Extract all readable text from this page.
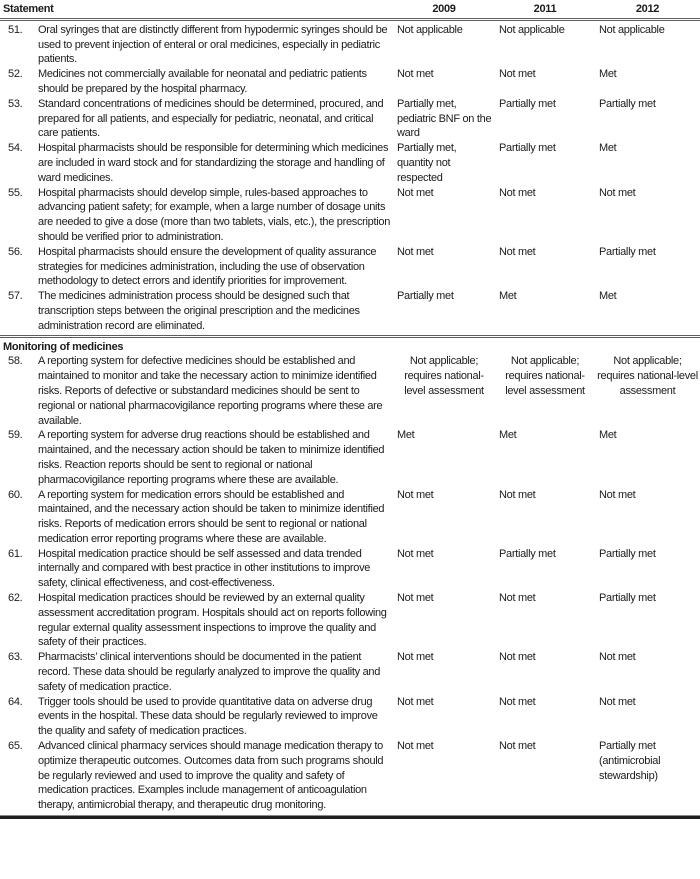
Statement	2009	2011	2012
51.	Oral syringes that are distinctly different from hypodermic syringes should be used to prevent injection of enteral or oral medicines, especially in pediatric patients.
Not applicable	Not applicable	Not applicable
52.	Medicines not commercially available for neonatal and pediatric patients should be prepared by the hospital pharmacy.
Not met	Not met	Met
53.	Standard concentrations of medicines should be determined, procured, and prepared for all patients, and especially for pediatric, neonatal, and critical care patients.
Partially met, pediatric BNF on the ward
Partially met	Partially met
54.	Hospital pharmacists should be responsible for determining which medicines are included in ward stock and for standardizing the storage and handling of ward medicines.
Partially met, quantity not respected
Partially met	Met
55.	Hospital pharmacists should develop simple, rules-based approaches to advancing patient safety; for example, when a large number of dosage units are needed to give a dose (more than two tablets, vials, etc.), the prescription should be verified prior to administration.
Not met	Not met	Not met
56.	Hospital pharmacists should ensure the development of quality assurance strategies for medicines administration, including the use of observation methodology to detect errors and identify priorities for improvement.
Not met	Not met	Partially met
57.	The medicines administration process should be designed such that transcription steps between the original prescription and the medicines administration record are eliminated.
Partially met	Met	Met
Monitoring of medicines
58.	A reporting system for defective medicines should be established and maintained to monitor and take the necessary action to minimize identified risks. Reports of defective or substandard medicines should be sent to regional or national pharmacovigilance reporting programs where these are available.
Not applicable; requires national-level assessment
Not applicable; requires national-level assessment
Not applicable; requires national-level assessment
59.	A reporting system for adverse drug reactions should be established and maintained, and the necessary action should be taken to minimize identified risks. Reaction reports should be sent to regional or national pharmacovigilance reporting programs where these are available.
Met	Met	Met
60.	A reporting system for medication errors should be established and maintained, and the necessary action should be taken to minimize identified risks. Reports of medication errors should be sent to regional or national medication error reporting programs where these are available.
Not met	Not met	Not met
61.	Hospital medication practice should be self assessed and data trended internally and compared with best practice in other institutions to improve safety, clinical effectiveness, and cost-effectiveness.
Not met	Partially met	Partially met
62.	Hospital medication practices should be reviewed by an external quality assessment accreditation program. Hospitals should act on reports following regular external quality assessment inspections to improve the quality and safety of their practices.
Not met	Not met	Partially met
63.	Pharmacists’ clinical interventions should be documented in the patient record. These data should be regularly analyzed to improve the quality and safety of medication practice.
Not met	Not met	Not met
64.	Trigger tools should be used to provide quantitative data on adverse drug events in the hospital. These data should be regularly reviewed to improve the quality and safety of medication practices.
Not met	Not met	Not met
65.	Advanced clinical pharmacy services should manage medication therapy to optimize therapeutic outcomes. Outcomes data from such programs should be regularly reviewed and used to improve the quality and safety of medication practices. Examples include management of anticoagulation therapy, antimicrobial therapy, and therapeutic drug monitoring.
Not met	Not met	Partially met (antimicrobial stewardship)
